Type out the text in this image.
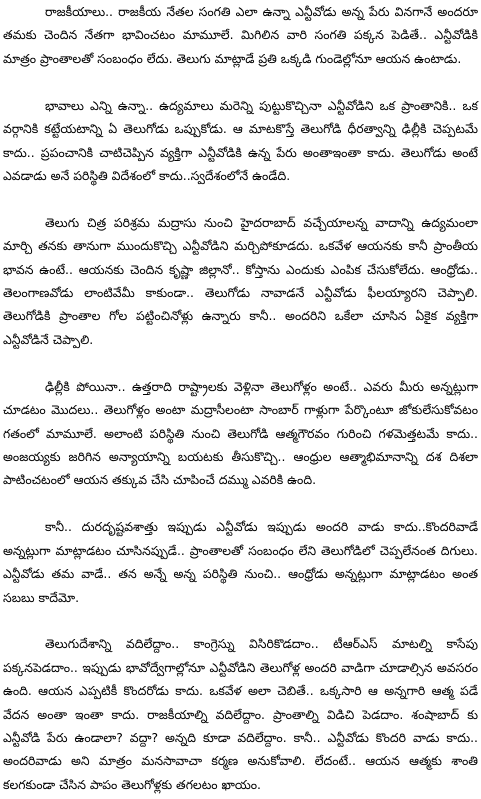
రాజకీయాలు.. రాజకీయ నేతల సంగతి ఎలా ఉన్నా ఎన్టీవోడు అన్న పేరు వినగానే అందరూ తమకు చెందిన నేతగా భావించటం మామూలే. మిగిలిన వారి సంగతి పక్కన పెడితే.. ఎన్టీవోడికి మాత్రం ప్రాంతాలతో సంబంధం లేదు. తెలుగు మాట్లాడే ప్రతి ఒక్కడి గుండెల్లోనూ ఆయన ఉంటాడు.

భావాలు ఎన్ని ఉన్నా.. ఉద్యమాలు మరెన్ని పుట్టుకొచ్చినా ఎన్టీవోడిని ఒక ప్రాంతానికి.. ఒక వర్గానికి కట్టేయటాన్ని ఏ తెలుగోడు ఒప్పుకోడు. ఆ మాటకొస్తే తెలుగోడి ధీరత్వాన్ని ఢిల్లీకి చెప్పటమే కాదు.. ప్రపంచానికి చాటిచెప్పిన వ్యక్తిగా ఎన్టీవోడికి ఉన్న పేరు అంతాఇంతా కాదు. తెలుగోడు అంటే ఎవడాడు అనే పరిస్థితి విదేశంలో కాదు..స్వదేశంలోనే ఉండేది.

తెలుగు చిత్ర పరిశ్రమ మద్రాసు నుంచి హైదరాబాద్ వచ్చేయాలన్న వాదాన్ని ఉద్యమంలా మార్చి తనకు తానుగా ముందుకొచ్చి ఎన్టీవోడిని మర్చిపోకూడదు. ఒకవేళ ఆయనకు కానీ ప్రాంతీయ భావన ఉంటే.. ఆయనకు చెందిన కృష్ణా జిల్లానో.. కోస్తాను ఎందుకు ఎంపిక చేసుకోలేదు. ఆంధ్రోడు.. తెలంగాణవోడు లాంటివేమీ కాకుండా.. తెలుగోడు నావాడనే ఎన్టీవోడు ఫీలయ్యారని చెప్పాలి. తెలుగోడికి ప్రాంతాల గోల పట్టించినోళ్లు ఉన్నారు కానీ.. అందరిని ఒకేలా చూసిన ఏకైక వ్యక్తిగా ఎన్టీవోడినే చెప్పాలి.

ఢిల్లీకి పోయినా.. ఉత్తరాది రాష్ట్రాలకు వెళ్లినా తెలుగోళ్లం అంటే.. ఎవరు మీరు అన్నట్లుగా చూడటం మొదలు.. తెలుగోళ్లం అంటా మద్రాసీలంటా సాంబార్ గాళ్లుగా పేర్కొంటూ జోకులేసుకోవటం గతంలో మామూలే. అలాంటి పరిస్థితి నుంచి తెలుగోడి ఆత్మగౌరవం గురించి గళమెత్తటమే కాదు.. అంజయ్యకు జరిగిన అన్యాయాన్ని బయటకు తీసుకొచ్చి.. ఆంధ్రుల ఆత్మాభిమానాన్ని దశ దిశలా పాటించటంలో ఆయన తక్కువ చేసి చూపించే దమ్ము ఎవరికి ఉంది.

కానీ.. దురదృష్టవశాత్తు ఇప్పుడు ఎన్టీవోడు ఇప్పుడు అందరి వాడు కాదు..కొందరివాడే అన్నట్లుగా మాట్లాడటం చూసినప్పుడే.. ప్రాంతాలతో సంబంధం లేని తెలుగోడిలో చెప్పలేనంత దిగులు. ఎన్టీవోడు తమ వాడే.. తన అన్నే అన్న పరిస్థితి నుంచి.. ఆంధ్రోడు అన్నట్లుగా మాట్లాడటం అంత సబబు కాదేమో.

తెలుగుదేశాన్ని వదిలేద్దాం.. కాంగ్రెస్ను విసిరికొడదాం.. టీఆర్ఎస్ మాటల్ని కాసేపు పక్కనపెడదాం.. ఇప్పుడు భావోద్వేగాల్లోనూ ఎన్టీవోడిని తెలుగోళ్ల అందరి వాడిగా చూడాల్సిన అవసరం ఉంది. ఆయన ఎప్పటికీ కొందరోడు కాదు. ఒకవేళ అలా చెబితే.. ఒక్కసారి ఆ అన్నగారి ఆత్మ పడే వేదన అంతా ఇంతా కాదు. రాజకీయాల్ని వదిలేద్దాం. ప్రాంతాల్ని విడిచి పెడదాం. శంషాబాద్ కు ఎన్టీవోడి పేరు ఉండాలా? వద్దా? అన్నది కూడా వదిలేద్దాం. కానీ.. ఎన్టీవోడు కొందరి వాడు కాదు.. అందరివాడు అని మాత్రం మనసావాచా కర్మణ అనుకోవాలి. లేదంటే.. ఆయన ఆత్మకు శాంతి కలగకుండా చేసిన పాపం తెలుగోళ్లకు తగలటం ఖాయం.
